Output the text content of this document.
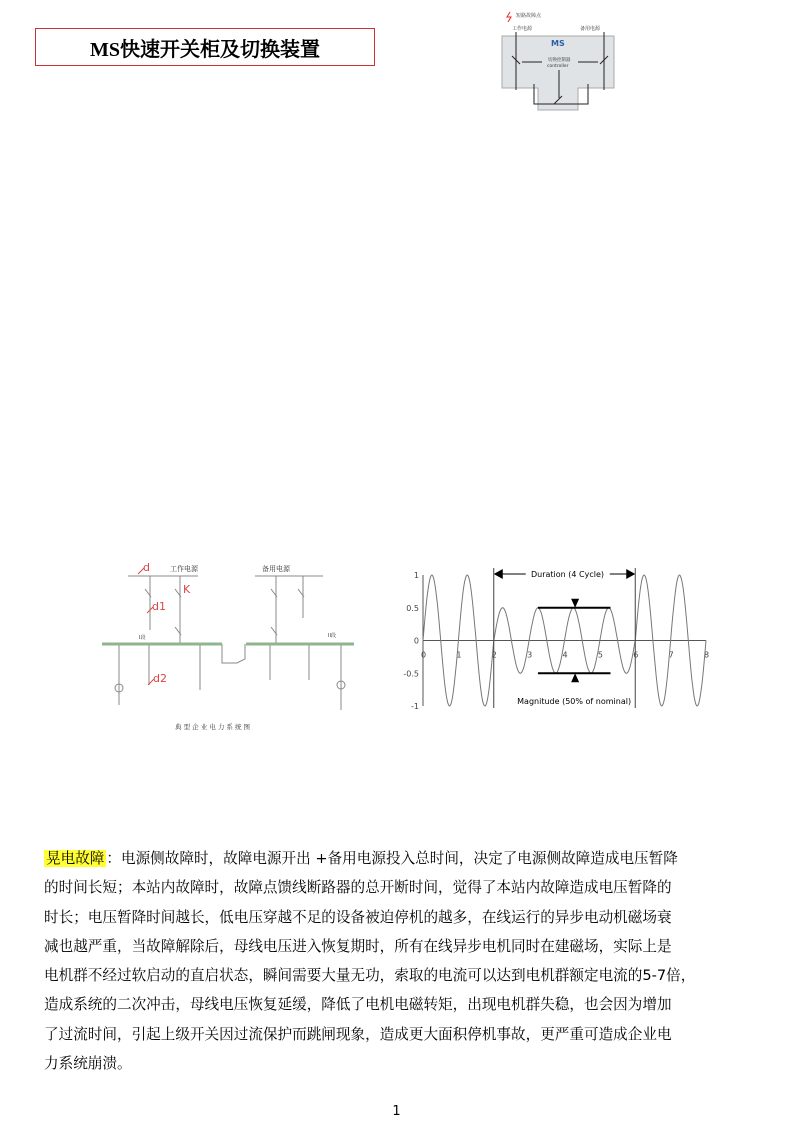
MS快速开关柜及切换装置
短路故障点
工作电源	备用电源
MS
切换控制器
controller
d
K
d1
d2
工作电源	备用电源
I段	II段
典 型 企 业 电 力 系 统 图
0	1	2	3	4	5	6	7	8
1
0.5
0
-0.5
-1
Duration (4 Cycle)
Magnitude (50% of nominal)
晃电故障 ：电源侧故障时，故障电源开出 +备用电源投入总时间，决定了电源侧故障造成电压暂降
的时间长短；本站内故障时，故障点馈线断路器的总开断时间，觉得了本站内故障造成电压暂降的
时长；电压暂降时间越长，低电压穿越不足的设备被迫停机的越多，在线运行的异步电动机磁场衰
减也越严重，当故障解除后，母线电压进入恢复期时，所有在线异步电机同时在建磁场，实际上是
电机群不经过软启动的直启状态，瞬间需要大量无功，索取的电流可以达到电机群额定电流的5-7倍，
造成系统的二次冲击，母线电压恢复延缓，降低了电机电磁转矩，出现电机群失稳，也会因为增加
了过流时间，引起上级开关因过流保护而跳闸现象，造成更大面积停机事故，更严重可造成企业电
力系统崩溃。
1
